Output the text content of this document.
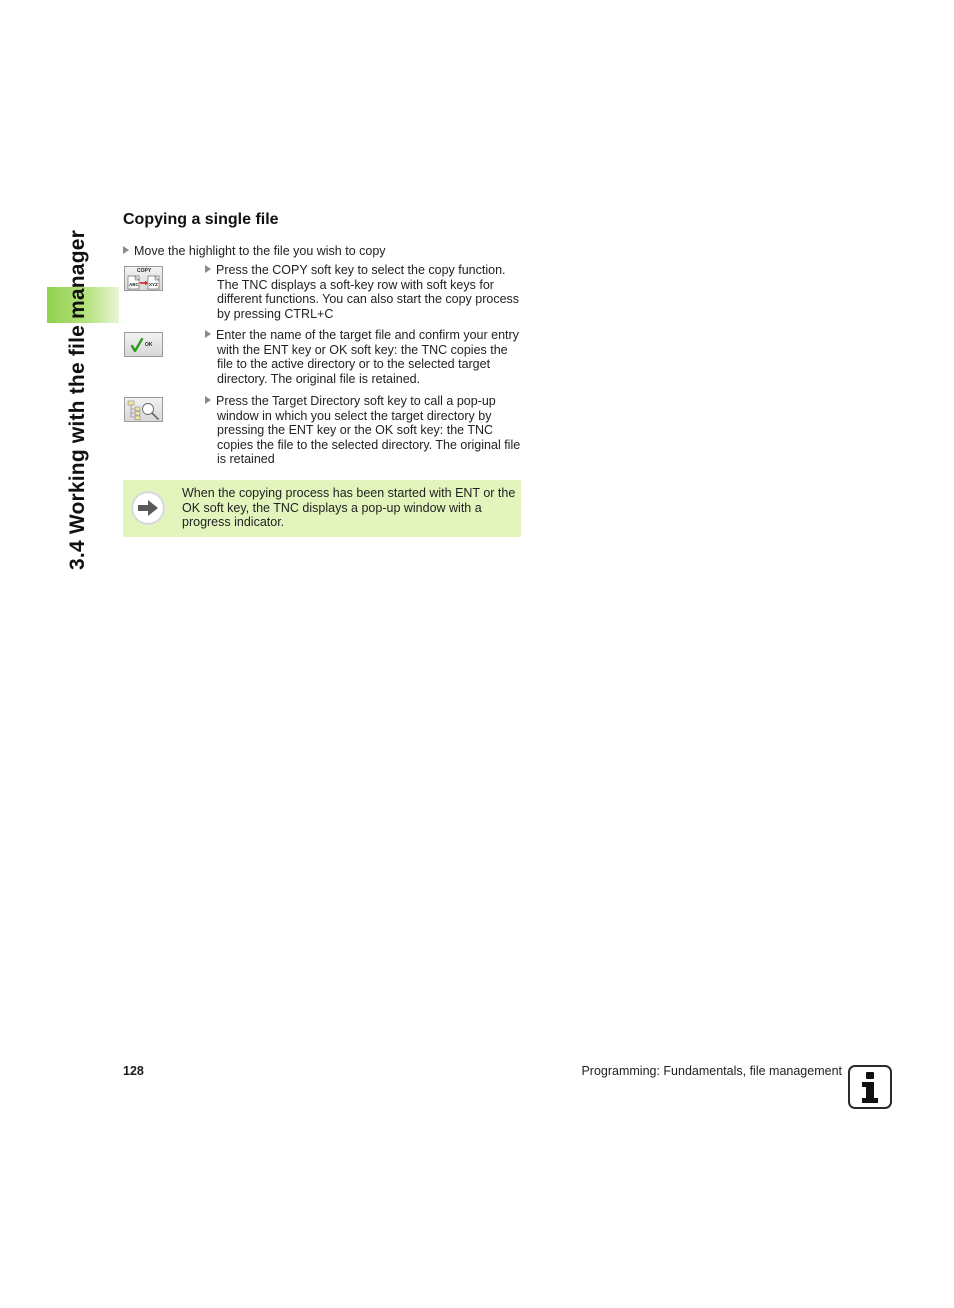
3.4 Working with the file manager
Copying a single file
Move the highlight to the file you wish to copy
COPY
ABC XYZ
Press the COPY soft key to select the copy function. The TNC displays a soft-key row with soft keys for different functions. You can also start the copy process by pressing CTRL+C
OK
Enter the name of the target file and confirm your entry with the ENT key or OK soft key: the TNC copies the file to the active directory or to the selected target directory. The original file is retained.
Press the Target Directory soft key to call a pop-up window in which you select the target directory by pressing the ENT key or the OK soft key: the TNC copies the file to the selected directory. The original file is retained
When the copying process has been started with ENT or the OK soft key, the TNC displays a pop-up window with a progress indicator.
128	Programming: Fundamentals, file management
